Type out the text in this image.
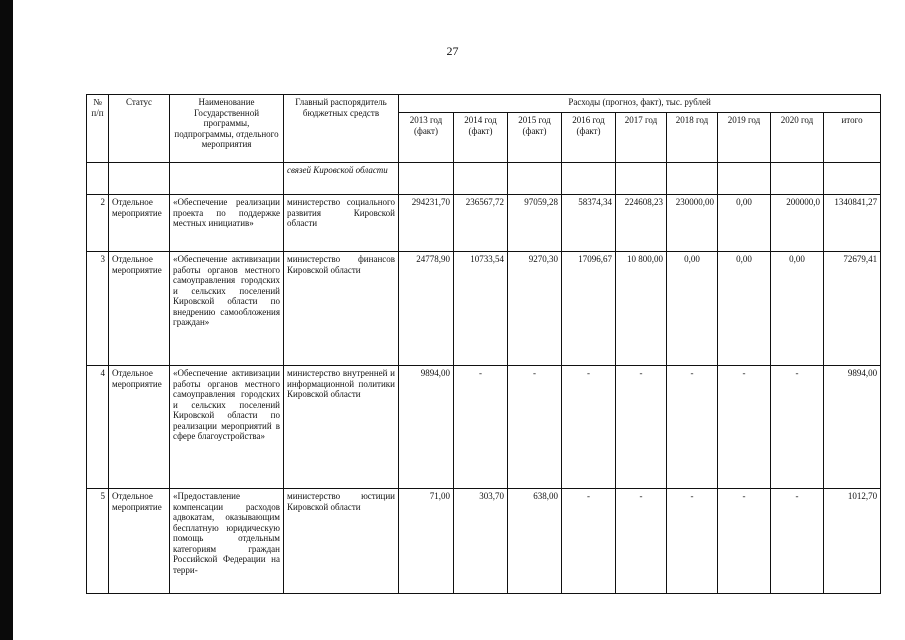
27
№ п/п	Статус	Наименование Государственной программы, подпрограммы, отдельного мероприятия	Главный распорядитель бюджетных средств	Расходы (прогноз, факт), тыс. рублей								
				2013 год (факт)	2014 год (факт)	2015 год (факт)	2016 год (факт)	2017 год	2018 год	2019 год	2020 год	итого
			связей Кировской области									
2	Отдельное мероприятие	«Обеспечение реализации проекта по поддержке местных инициатив»	министерство социального развития Кировской области	294231,70	236567,72	97059,28	58374,34	224608,23	230000,00	0,00	200000,0	1340841,27
3	Отдельное мероприятие	«Обеспечение активизации работы органов местного самоуправления городских и сельских поселений Кировской области по внедрению самообложения граждан»	министерство финансов Кировской области	24778,90	10733,54	9270,30	17096,67	10 800,00	0,00	0,00	0,00	72679,41
4	Отдельное мероприятие	«Обеспечение активизации работы органов местного самоуправления городских и сельских поселений Кировской области по реализации мероприятий в сфере благоустройства»	министерство внутренней и информационной политики Кировской области	9894,00	-	-	-	-	-	-	-	9894,00
5	Отдельное мероприятие	«Предоставление компенсации расходов адвокатам, оказывающим бесплатную юридическую помощь отдельным категориям граждан Российской Федерации на терри-	министерство юстиции Кировской области	71,00	303,70	638,00	-	-	-	-	-	1012,70
